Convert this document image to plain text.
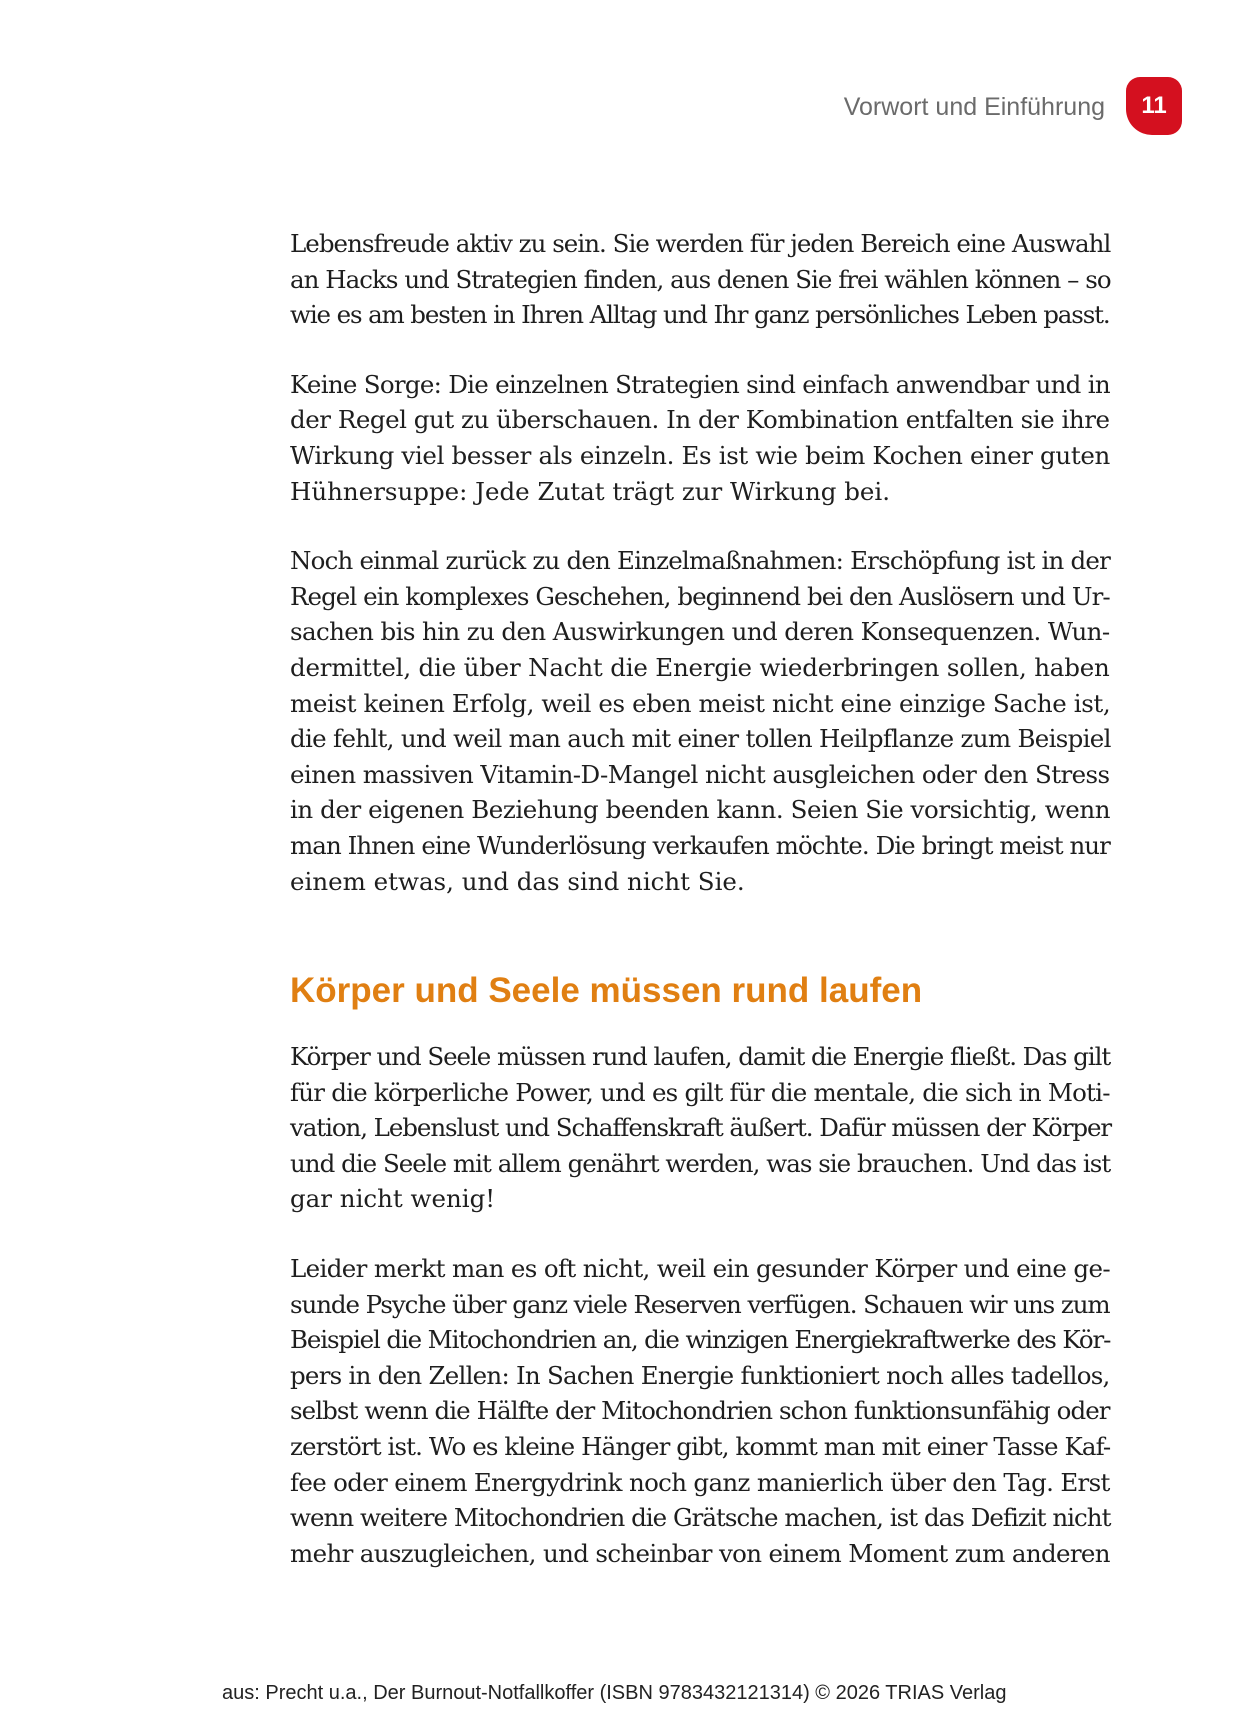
Vorwort und Einführung	11
Lebensfreude aktiv zu sein. Sie werden für jeden Bereich eine Auswahl
an Hacks und Strategien finden, aus denen Sie frei wählen können – so
wie es am besten in Ihren Alltag und Ihr ganz persönliches Leben passt.
Keine Sorge: Die einzelnen Strategien sind einfach anwendbar und in
der Regel gut zu überschauen. In der Kombination entfalten sie ihre
Wirkung viel besser als einzeln. Es ist wie beim Kochen einer guten
Hühnersuppe: Jede Zutat trägt zur Wirkung bei.
Noch einmal zurück zu den Einzelmaßnahmen: Erschöpfung ist in der
Regel ein komplexes Geschehen, beginnend bei den Auslösern und Ur-
sachen bis hin zu den Auswirkungen und deren Konsequenzen. Wun-
dermittel, die über Nacht die Energie wiederbringen sollen, haben
meist keinen Erfolg, weil es eben meist nicht eine einzige Sache ist,
die fehlt, und weil man auch mit einer tollen Heilpflanze zum Beispiel
einen massiven Vitamin-D-Mangel nicht ausgleichen oder den Stress
in der eigenen Beziehung beenden kann. Seien Sie vorsichtig, wenn
man Ihnen eine Wunderlösung verkaufen möchte. Die bringt meist nur
einem etwas, und das sind nicht Sie.
Körper und Seele müssen rund laufen
Körper und Seele müssen rund laufen, damit die Energie fließt. Das gilt
für die körperliche Power, und es gilt für die mentale, die sich in Moti-
vation, Lebenslust und Schaffenskraft äußert. Dafür müssen der Körper
und die Seele mit allem genährt werden, was sie brauchen. Und das ist
gar nicht wenig!
Leider merkt man es oft nicht, weil ein gesunder Körper und eine ge-
sunde Psyche über ganz viele Reserven verfügen. Schauen wir uns zum
Beispiel die Mitochondrien an, die winzigen Energiekraftwerke des Kör-
pers in den Zellen: In Sachen Energie funktioniert noch alles tadellos,
selbst wenn die Hälfte der Mitochondrien schon funktionsunfähig oder
zerstört ist. Wo es kleine Hänger gibt, kommt man mit einer Tasse Kaf-
fee oder einem Energydrink noch ganz manierlich über den Tag. Erst
wenn weitere Mitochondrien die Grätsche machen, ist das Defizit nicht
mehr auszugleichen, und scheinbar von einem Moment zum anderen
aus: Precht u.a., Der Burnout-Notfallkoffer (ISBN 9783432121314) © 2026 TRIAS Verlag
